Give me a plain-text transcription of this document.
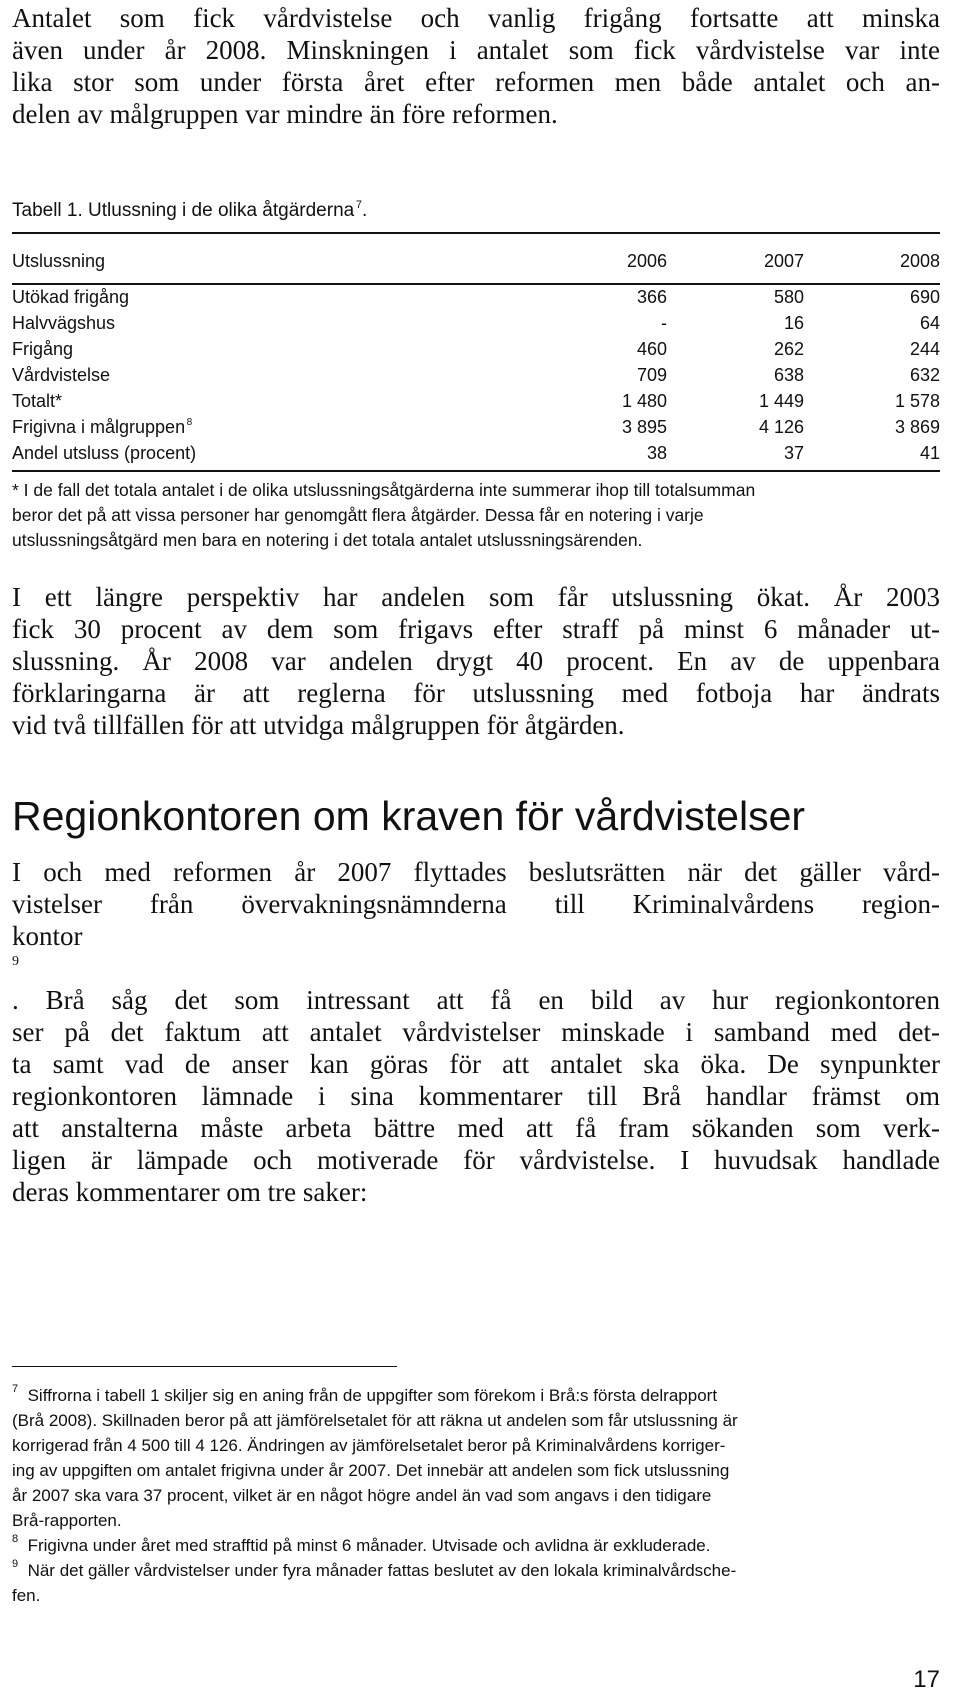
Antalet som fick vårdvistelse och vanlig frigång fortsatte att minska
även under år 2008. Minskningen i antalet som fick vårdvistelse var inte
lika stor som under första året efter reformen men både antalet och an-
delen av målgruppen var mindre än före reformen.
Tabell 1. Utlussning i de olika åtgärderna  $^7$.
Utslussning	2006	2007	2008
Utökad frigång	366	580	690
Halvvägshus	-	16	64
Frigång	460	262	244
Vårdvistelse	709	638	632
Totalt*	1 480	1 449	1 578
Frigivna i målgruppen  $^8$	3 895	4 126	3 869
Andel utsluss (procent)	38	37	41
* I de fall det totala antalet i de olika utslussningsåtgärderna inte summerar ihop till totalsumman
beror det på att vissa personer har genomgått flera åtgärder. Dessa får en notering i varje
utslussningsåtgärd men bara en notering i det totala antalet utslussningsärenden.
I ett längre perspektiv har andelen som får utslussning ökat. År 2003
fick 30 procent av dem som frigavs efter straff på minst 6 månader ut-
slussning. År 2008 var andelen drygt 40 procent. En av de uppenbara
förklaringarna är att reglerna för utslussning med fotboja har ändrats
vid två tillfällen för att utvidga målgruppen för åtgärden.
Regionkontoren om kraven för vårdvistelser
I och med reformen år 2007 flyttades beslutsrätten när det gäller vård-
vistelser från övervakningsnämnderna till Kriminalvårdens region-
kontor
$^9$
. Brå såg det som intressant att få en bild av hur regionkontoren
ser på det faktum att antalet vårdvistelser minskade i samband med det-
ta samt vad de anser kan göras för att antalet ska öka. De synpunkter
regionkontoren lämnade i sina kommentarer till Brå handlar främst om
att anstalterna måste arbeta bättre med att få fram sökanden som verk-
ligen är lämpade och motiverade för vårdvistelse. I huvudsak handlade
deras kommentarer om tre saker:
$^7$ Siffrorna i tabell 1 skiljer sig en aning från de uppgifter som förekom i Brå:s första delrapport
(Brå 2008). Skillnaden beror på att jämförelsetalet för att räkna ut andelen som får utslussning är
korrigerad från 4 500 till 4 126. Ändringen av jämförelsetalet beror på Kriminalvårdens korriger-
ing av uppgiften om antalet frigivna under år 2007. Det innebär att andelen som fick utslussning
år 2007 ska vara 37 procent, vilket är en något högre andel än vad som angavs i den tidigare
Brå-rapporten.
$^8$ Frigivna under året med strafftid på minst 6 månader. Utvisade och avlidna är exkluderade.
$^9$ När det gäller vårdvistelser under fyra månader fattas beslutet av den lokala kriminalvårdsche-
fen.
17
